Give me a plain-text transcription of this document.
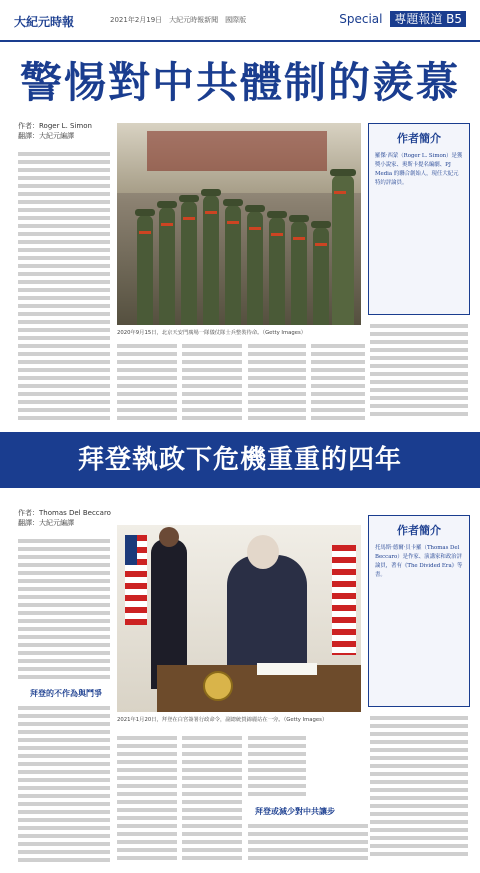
大紀元時報	2021年2月19日　大紀元時報新聞　國際版	Special 專題報道 B5
警惕對中共體制的羨慕
作者：Roger L. Simon
翻譯：大紀元編譯
2020年9月15日，北京天安門廣場一隊儀仗隊士兵整裝待命。（Getty Images）
作者簡介

羅傑·西蒙（Roger L. Simon）是獲獎小說家、奧斯卡提名編劇、PJ Media 的聯合創始人，現任大紀元特約評論員。

拜登執政下危機重重的四年
作者：Thomas Del Beccaro
翻譯：大紀元編譯
拜登的不作為與鬥爭
2021年1月20日，拜登在白宮簽署行政命令，副總統賀錦麗站在一旁。（Getty Images）
拜登或減少對中共讓步
作者簡介

托馬斯·德爾·貝卡羅（Thomas Del Beccaro）是作家、演講家和政治評論員，著有《The Divided Era》等書。
